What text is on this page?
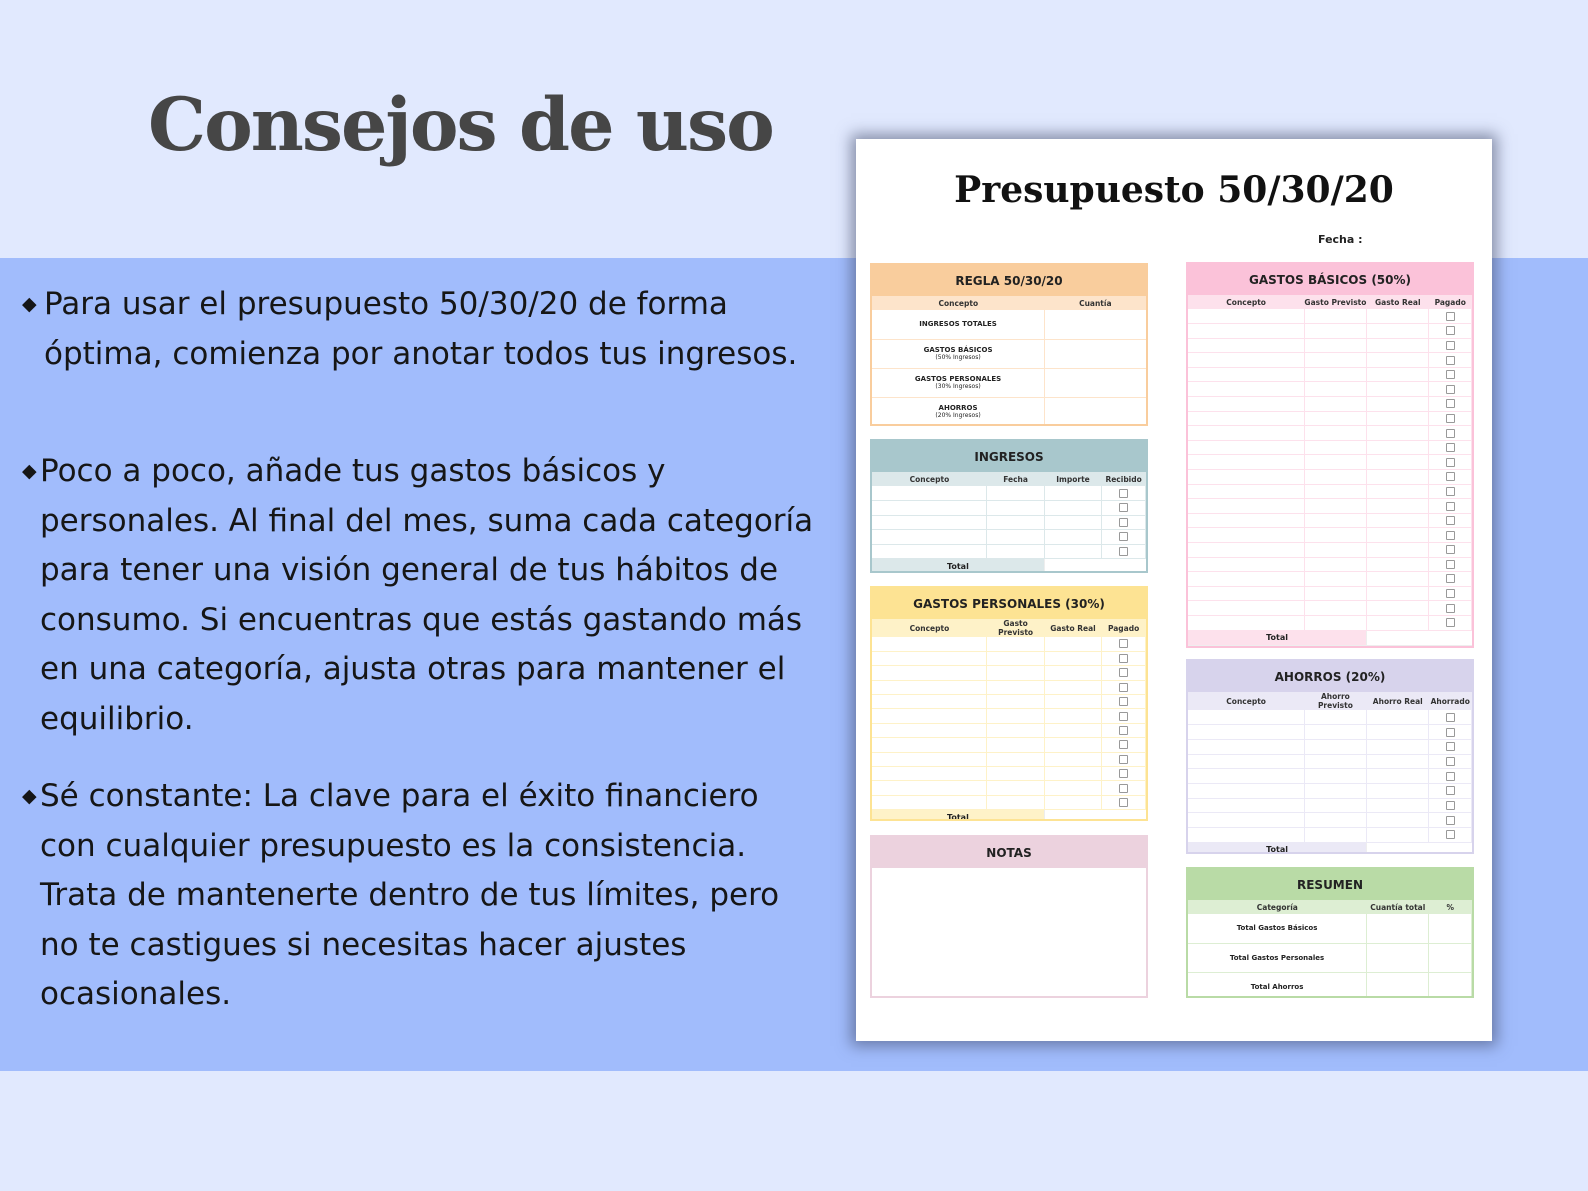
Consejos de uso
◆ Para usar el presupuesto 50/30/20 de forma óptima, comienza por anotar todos tus ingresos.
◆ Poco a poco, añade tus gastos básicos y personales. Al final del mes, suma cada categoría para tener una visión general de tus hábitos de consumo. Si encuentras que estás gastando más en una categoría, ajusta otras para mantener el equilibrio.
◆ Sé constante: La clave para el éxito financiero con cualquier presupuesto es la consistencia. Trata de mantenerte dentro de tus límites, pero no te castigues si necesitas hacer ajustes ocasionales.
Presupuesto 50/30/20
Fecha :
REGLA 50/30/20
Concepto	Cuantía
INGRESOS TOTALES	
GASTOS BÁSICOS
(50% Ingresos)	

GASTOS PERSONALES
(30% Ingresos)	

AHORROS
(20% Ingresos)	

INGRESOS
Concepto	Fecha	Importe	Recibido

Total			
GASTOS PERSONALES (30%)
Concepto	Gasto Previsto	Gasto Real	Pagado

Total			
NOTAS
GASTOS BÁSICOS (50%)
Concepto	Gasto Previsto	Gasto Real	Pagado

Total			
AHORROS (20%)
Concepto	Ahorro Previsto	Ahorro Real	Ahorrado

Total			
RESUMEN
Categoría	Cuantía total	%
Total Gastos Básicos		
Total Gastos Personales		
Total Ahorros		
